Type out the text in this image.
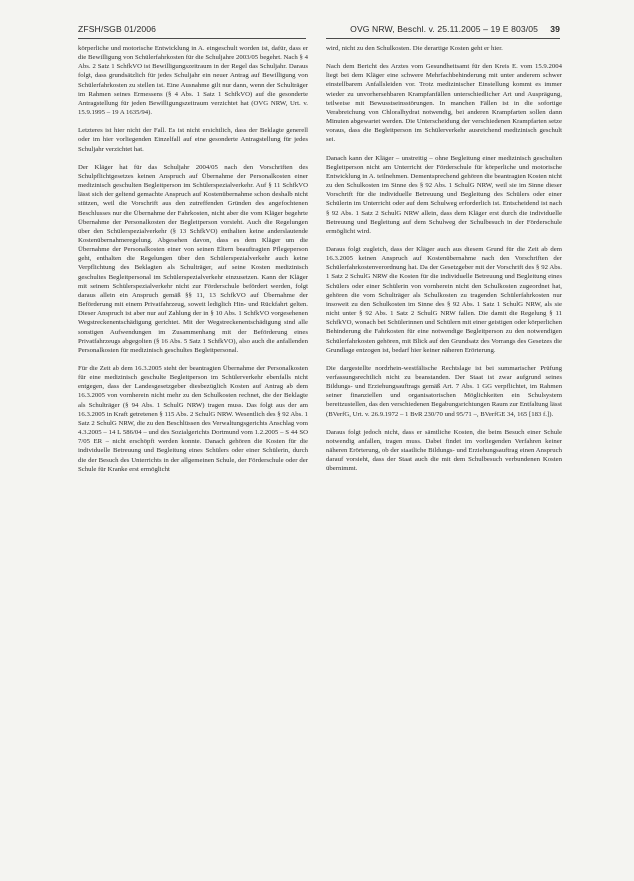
ZFSH/SGB 01/2006	OVG NRW, Beschl. v. 25.11.2005 – 19 E 803/05 39

körperliche und motorische Entwicklung in A. eingeschult worden ist, dafür, dass er die Bewilligung von Schülerfahrkosten für die Schuljahre 2003/05 begehrt. Nach § 4 Abs. 2 Satz 1 SchfkVO ist Bewilligungszeitraum in der Regel das Schuljahr. Daraus folgt, dass grundsätzlich für jedes Schuljahr ein neuer Antrag auf Bewilligung von Schülerfahrkosten zu stellen ist. Eine Ausnahme gilt nur dann, wenn der Schulträger im Rahmen seines Ermessens (§ 4 Abs. 1 Satz 1 SchfkVO) auf die gesonderte Antragstellung für jeden Bewilligungszeitraum verzichtet hat (OVG NRW, Urt. v. 15.9.1995 – 19 A 1635/94).

Letzteres ist hier nicht der Fall. Es ist nicht ersichtlich, dass der Beklagte generell oder im hier vorliegenden Einzelfall auf eine gesonderte Antragstellung für jedes Schuljahr verzichtet hat.

Der Kläger hat für das Schuljahr 2004/05 nach den Vorschriften des Schulpflichtgesetzes keinen Anspruch auf Übernahme der Personalkosten einer medizinisch geschulten Begleitperson im Schülerspezialverkehr. Auf § 11 SchfkVO lässt sich der geltend gemachte Anspruch auf Kostenübernahme schon deshalb nicht stützen, weil die Vorschrift aus den zutreffenden Gründen des angefochtenen Beschlusses nur die Übernahme der Fahrkosten, nicht aber die vom Kläger begehrte Übernahme der Personalkosten der Begleitperson vorsieht. Auch die Regelungen über den Schülerspezialverkehr (§ 13 SchfkVO) enthalten keine anderslautende Kostenübernahmeregelung. Abgesehen davon, dass es dem Kläger um die Übernahme der Personalkosten einer von seinen Eltern beauftragten Pflegeperson geht, enthalten die Regelungen über den Schülerspezialverkehr auch keine Verpflichtung des Beklagten als Schulträger, auf seine Kosten medizinisch geschultes Begleitpersonal im Schülerspezialverkehr einzusetzen. Kann der Kläger mit seinem Schülerspezialverkehr nicht zur Förderschule befördert werden, folgt daraus allein ein Anspruch gemäß §§ 11, 13 SchfkVO auf Übernahme der Beförderung mit einem Privatfahrzeug, soweit lediglich Hin- und Rückfahrt gelten. Dieser Anspruch ist aber nur auf Zahlung der in § 10 Abs. 1 SchfkVO vorgesehenen Wegstreckenentschädigung gerichtet. Mit der Wegstreckenentschädigung sind alle sonstigen Aufwendungen im Zusammenhang mit der Beförderung eines Privatfahrzeugs abgegolten (§ 16 Abs. 5 Satz 1 SchfkVO), also auch die anfallenden Personalkosten für medizinisch geschultes Begleitpersonal.

Für die Zeit ab dem 16.3.2005 steht der beantragten Übernahme der Personalkosten für eine medizinisch geschulte Begleitperson im Schülerverkehr ebenfalls nicht entgegen, dass der Landesgesetzgeber diesbezüglich Kosten auf Antrag ab dem 16.3.2005 von vornherein nicht mehr zu den Schulkosten rechnet, die der Beklagte als Schulträger (§ 94 Abs. 1 SchulG NRW) tragen muss. Das folgt aus der am 16.3.2005 in Kraft getretenen § 115 Abs. 2 SchulG NRW. Wesentlich des § 92 Abs. 1 Satz 2 SchulG NRW, die zu den Beschlüssen des Verwaltungsgerichts Anschlag vom 4.3.2005 – 14 L 586/04 – und des Sozialgerichts Dortmund vom 1.2.2005 – S 44 SO 7/05 ER – nicht erschöpft werden konnte. Danach gehören die Kosten für die individuelle Betreuung und Begleitung eines Schülers oder einer Schülerin, durch die der Besuch des Unterrichts in der allgemeinen Schule, der Förderschule oder der Schule für Kranke erst ermöglicht

wird, nicht zu den Schulkosten. Die derartige Kosten geht er hier.

Nach dem Bericht des Arztes vom Gesundheitsamt für den Kreis E. vom 15.9.2004 liegt bei dem Kläger eine schwere Mehrfachbehinderung mit unter anderem schwer einstellbarem Anfallsleiden vor. Trotz medizinischer Einstellung kommt es immer wieder zu unvorhersehbaren Krampfanfällen unterschiedlicher Art und Ausprägung, teilweise mit Bewusstseinsstörungen. In manchen Fällen ist in die sofortige Verabreichung von Chloralhydrat notwendig, bei anderen Krampfarten sollen dann Minuten abgewartet werden. Die Unterscheidung der verschiedenen Krampfarten setze voraus, dass die Begleitperson im Schülerverkehr ausreichend medizinisch geschult sei.

Danach kann der Kläger – unstreitig – ohne Begleitung einer medizinisch geschulten Begleitperson nicht am Unterricht der Förderschule für körperliche und motorische Entwicklung in A. teilnehmen. Dementsprechend gehören die beantragten Kosten nicht zu den Schulkosten im Sinne des § 92 Abs. 1 SchulG NRW, weil sie im Sinne dieser Vorschrift für die individuelle Betreuung und Begleitung des Schülers oder einer Schülerin im Unterricht oder auf dem Schulweg erforderlich ist. Entscheidend ist nach § 92 Abs. 1 Satz 2 SchulG NRW allein, dass dem Kläger erst durch die individuelle Betreuung und Begleitung auf dem Schulweg der Schulbesuch in der Förderschule ermöglicht wird.

Daraus folgt zugleich, dass der Kläger auch aus diesem Grund für die Zeit ab dem 16.3.2005 keinen Anspruch auf Kostenübernahme nach den Vorschriften der Schülerfahrkostenverordnung hat. Da der Gesetzgeber mit der Vorschrift des § 92 Abs. 1 Satz 2 SchulG NRW die Kosten für die individuelle Betreuung und Begleitung eines Schülers oder einer Schülerin von vornherein nicht den Schulkosten zugeordnet hat, gehören die vom Schulträger als Schulkosten zu tragenden Schülerfahrkosten nur insoweit zu den Schulkosten im Sinne des § 92 Abs. 1 Satz 1 SchulG NRW, als sie nicht unter § 92 Abs. 1 Satz 2 SchulG NRW fallen. Die damit die Regelung § 11 SchfkVO, wonach bei Schülerinnen und Schülern mit einer geistigen oder körperlichen Behinderung die Fahrkosten für eine notwendige Begleitperson zu den notwendigen Schülerfahrkosten gehören, mit Blick auf den Grundsatz des Vorrangs des Gesetzes die Grundlage entzogen ist, bedarf hier keiner näheren Erörterung.

Die dargestellte nordrhein-westfälische Rechtslage ist bei summarischer Prüfung verfassungsrechtlich nicht zu beanstanden. Der Staat ist zwar aufgrund seines Bildungs- und Erziehungsauftrags gemäß Art. 7 Abs. 1 GG verpflichtet, im Rahmen seiner finanziellen und organisatorischen Möglichkeiten ein Schulsystem bereitzustellen, das den verschiedenen Begabungsrichtungen Raum zur Entfaltung lässt (BVerfG, Urt. v. 26.9.1972 – 1 BvR 230/70 und 95/71 –, BVerfGE 34, 165 [183 f.]).

Daraus folgt jedoch nicht, dass er sämtliche Kosten, die beim Besuch einer Schule notwendig anfallen, tragen muss. Dabei findet im vorliegenden Verfahren keiner näheren Erörterung, ob der staatliche Bildungs- und Erziehungsauftrag einen Anspruch darauf vorsieht, dass der Staat auch die mit dem Schulbesuch verbundenen Kosten übernimmt.
